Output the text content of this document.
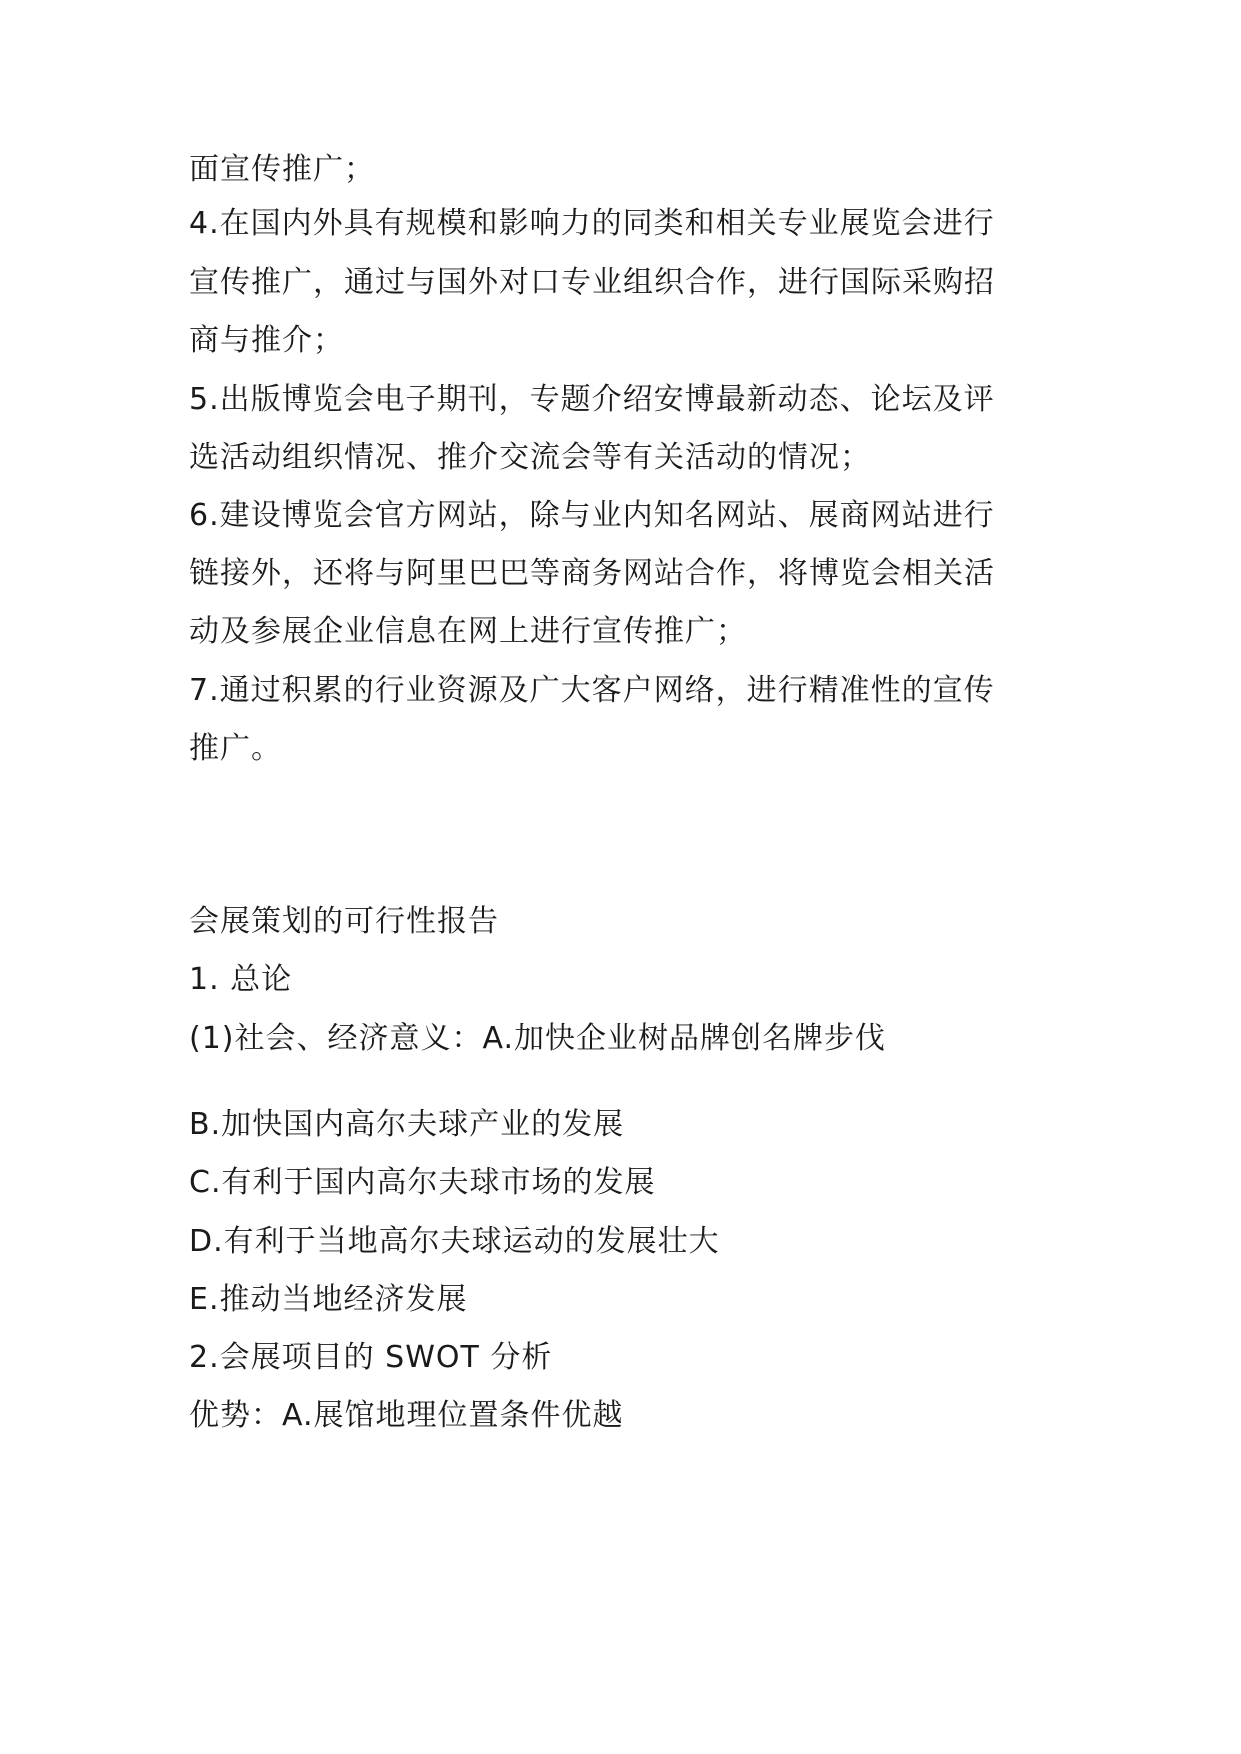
面宣传推广；
4.在国内外具有规模和影响力的同类和相关专业展览会进行
宣传推广，通过与国外对口专业组织合作，进行国际采购招
商与推介；
5.出版博览会电子期刊，专题介绍安博最新动态、论坛及评
选活动组织情况、推介交流会等有关活动的情况；
6.建设博览会官方网站，除与业内知名网站、展商网站进行
链接外，还将与阿里巴巴等商务网站合作，将博览会相关活
动及参展企业信息在网上进行宣传推广；
7.通过积累的行业资源及广大客户网络，进行精准性的宣传
推广。
会展策划的可行性报告
1. 总论
(1)社会、经济意义：A.加快企业树品牌创名牌步伐
B.加快国内高尔夫球产业的发展
C.有利于国内高尔夫球市场的发展
D.有利于当地高尔夫球运动的发展壮大
E.推动当地经济发展
2.会展项目的 SWOT 分析
优势：A.展馆地理位置条件优越
